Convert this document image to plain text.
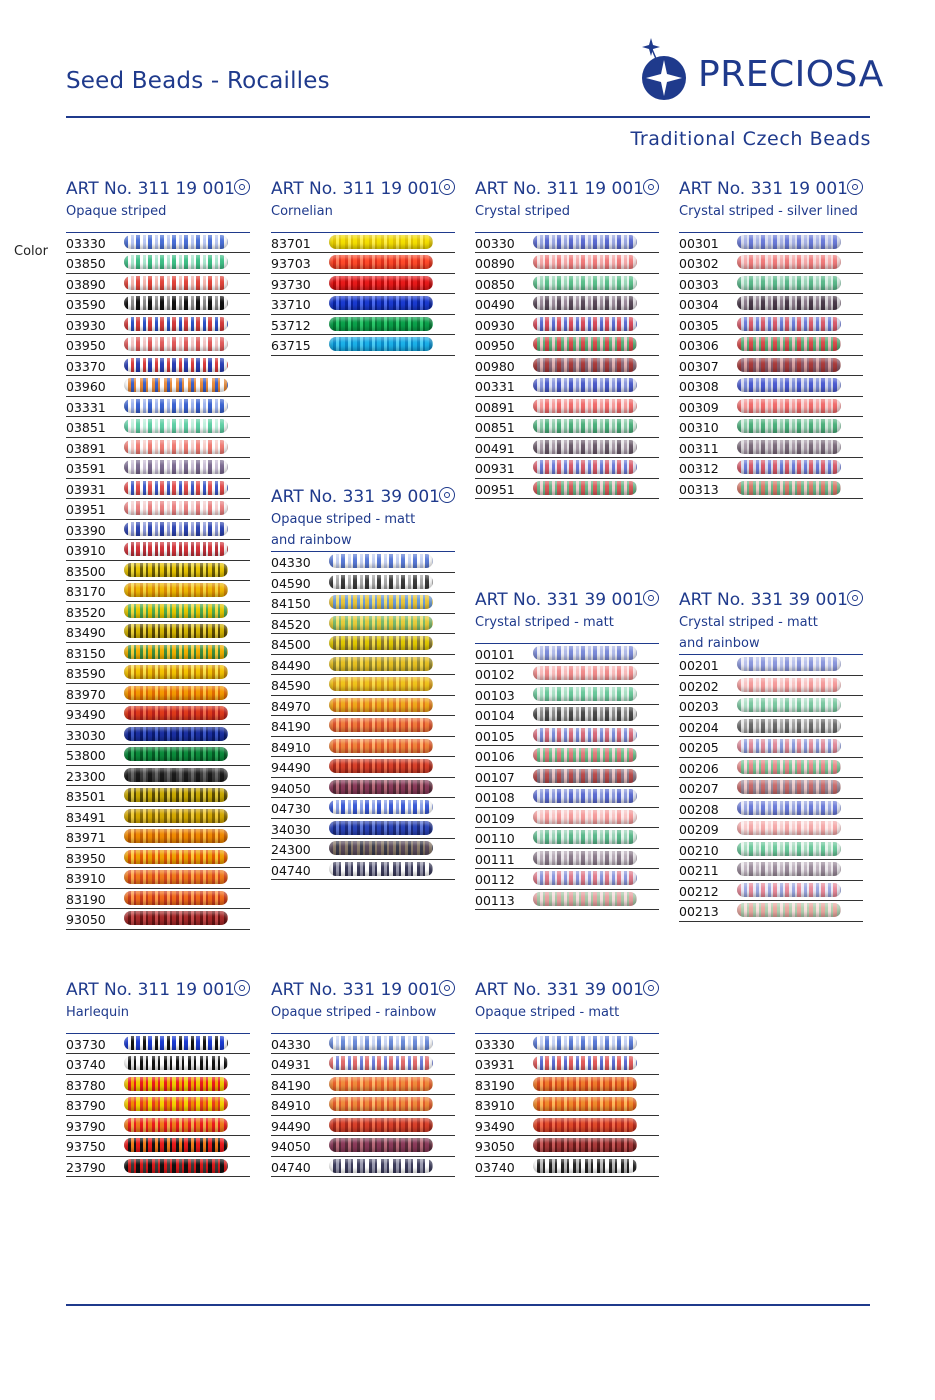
Seed Beads - Rocailles	PRECIOSA
Traditional Czech Beads
Color
ART No. 311 19 001
Opaque striped
03330
03850
03890
03590
03930
03950
03370
03960
03331
03851
03891
03591
03931
03951
03390
03910
83500
83170
83520
83490
83150
83590
83970
93490
33030
53800
23300
83501
83491
83971
83950
83910
83190
93050
ART No. 311 19 001
Cornelian
83701
93703
93730
33710
53712
63715
ART No. 331 39 001
Opaque striped - matt
and rainbow
04330
04590
84150
84520
84500
84490
84590
84970
84190
84910
94490
94050
04730
34030
24300
04740
ART No. 311 19 001
Crystal striped
00330
00890
00850
00490
00930
00950
00980
00331
00891
00851
00491
00931
00951
ART No. 331 39 001
Crystal striped - matt
00101
00102
00103
00104
00105
00106
00107
00108
00109
00110
00111
00112
00113
ART No. 331 19 001
Crystal striped - silver lined
00301
00302
00303
00304
00305
00306
00307
00308
00309
00310
00311
00312
00313
ART No. 331 39 001
Crystal striped - matt
and rainbow
00201
00202
00203
00204
00205
00206
00207
00208
00209
00210
00211
00212
00213
ART No. 311 19 001
Harlequin
03730
03740
83780
83790
93790
93750
23790
ART No. 331 19 001
Opaque striped - rainbow
04330
04931
84190
84910
94490
94050
04740
ART No. 331 39 001
Opaque striped - matt
03330
03931
83190
83910
93490
93050
03740
